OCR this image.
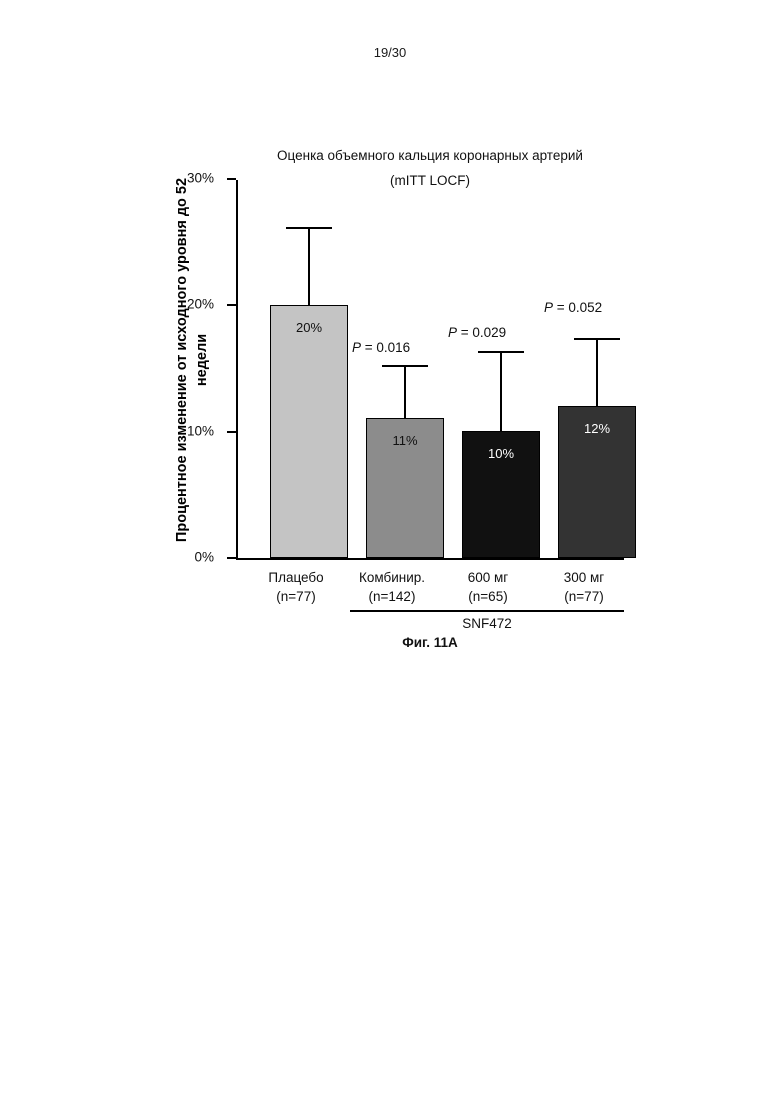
19/30
Оценка объемного кальция коронарных артерий
(mITT LOCF)
Процентное изменение от исходного уровня до 52 недели
0%
10%
20%
30%
20%
11%
P = 0.016
10%
P = 0.029
12%
P = 0.052
Плацебо
(n=77)
Комбинир.
(n=142)
600 мг
(n=65)
300 мг
(n=77)
SNF472
Фиг. 11A
